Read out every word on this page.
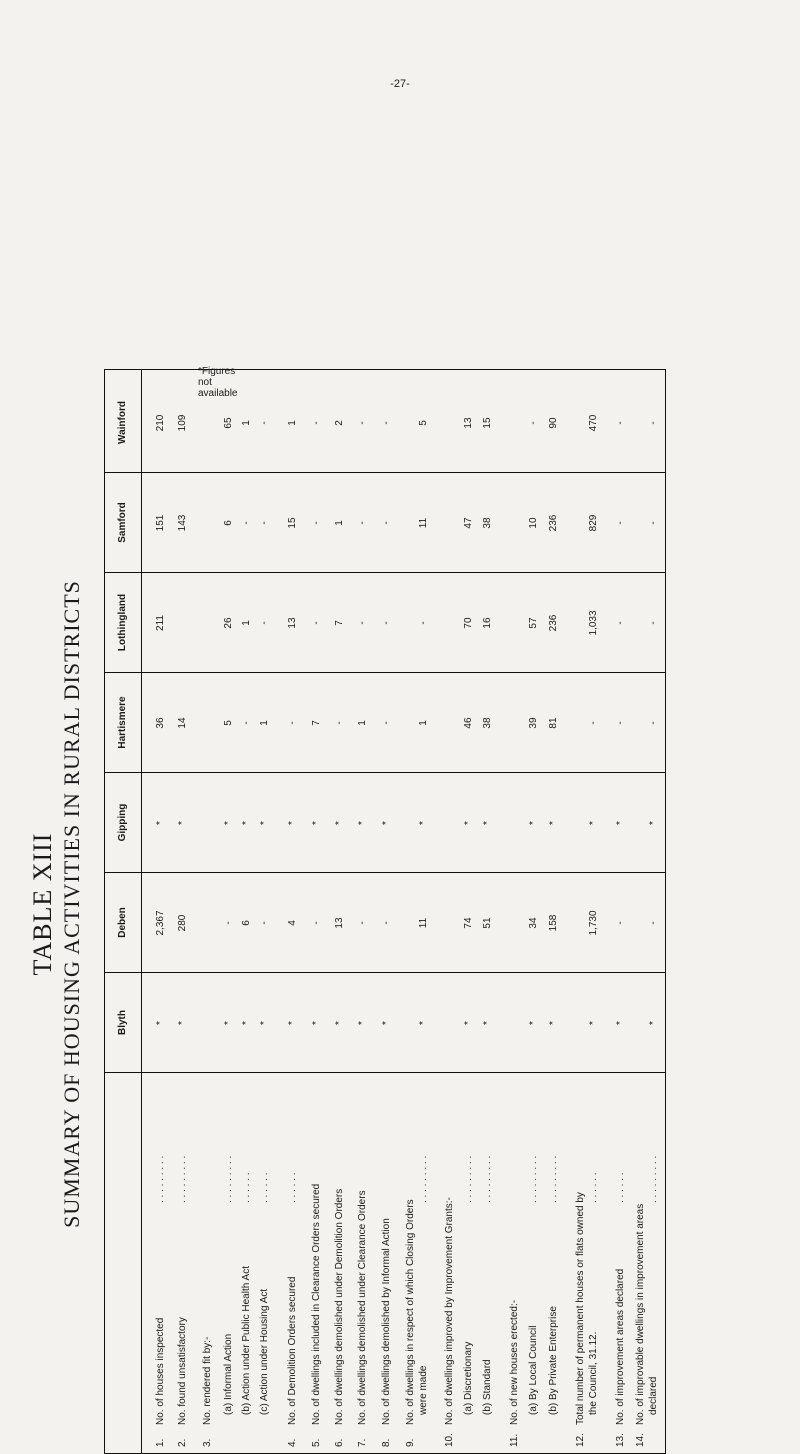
-27-
TABLE XIII SUMMARY OF HOUSING ACTIVITIES IN RURAL DISTRICTS	Blyth
Deben
Gipping
Hartismere
Lothingland
Samford
Wainford
1.
No. of houses inspected
. . . . . . . . .
*
2,367
*
36
211
151
210
2.
No. found unsatisfactory
. . . . . . . . .
*
280
*
14
143
109
3.
No. rendered fit by:- (a) Informal Action
. . . . . . . . .
*
-
*
5
26
6
65
(b) Action under Public Health Act
. . . . . .
*
6
*
-
1
-
1
(c) Action under Housing Act
. . . . . .
*
-
*
1
-
-
-
4.
No. of Demolition Orders secured
. . . . . .
*
4
*
-
13
15
1
5.
No. of dwellings included in Clearance Orders secured
*
-
*
7
-
-
-
6.
No. of dwellings demolished under Demolition Orders
*
13
*
-
7
1
2
7.
No. of dwellings demolished under Clearance Orders
*
-
*
1
-
-
-
8.
No. of dwellings demolished by Informal Action
*
-
*
-
-
-
-
9.
No. of dwellings in respect of which Closing Orders were made
. . . . . . . . .
*
11
*
1
-
11
5
10.
No. of dwellings improved by Improvement Grants:- (a) Discretionary
. . . . . . . . .
*
74
*
46
70
47
13
(b) Standard
. . . . . . . . .
*
51
*
38
16
38
15
11.
No. of new houses erected:- (a) By Local Council
. . . . . . . . .
*
34
*
39
57
10
-
(b) By Private Enterprise
. . . . . . . . .
*
158
*
81
236
236
90
12.
Total number of permanent houses or flats owned by the Council, 31.12.
. . . . . .
*
1,730
*
-
1,033
829
470
13.
No. of improvement areas declared
. . . . . .
*
-
*
-
-
-
-
14.
No. of improvable dwellings in improvement areas declared
. . . . . . . . .
*
-
*
-
-
-
-
*Figures not available
